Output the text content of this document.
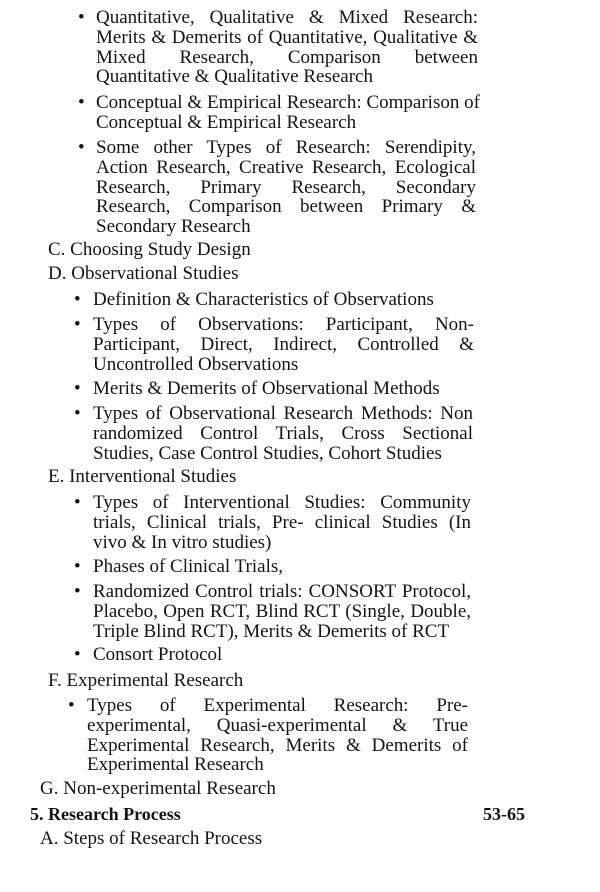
• Quantitative, Qualitative & Mixed Research: Merits & Demerits of Quantitative, Qualitative & Mixed Research, Comparison between Quantitative & Qualitative Research
• Conceptual & Empirical Research: Comparison of Conceptual & Empirical Research
• Some other Types of Research: Serendipity, Action Research, Creative Research, Ecological Research, Primary Research, Secondary Research, Comparison between Primary & Secondary Research
C. Choosing Study Design
D. Observational Studies
• Definition & Characteristics of Observations
• Types of Observations: Participant, Non-Participant, Direct, Indirect, Controlled & Uncontrolled Observations
• Merits & Demerits of Observational Methods
• Types of Observational Research Methods: Non randomized Control Trials, Cross Sectional Studies, Case Control Studies, Cohort Studies
E. Interventional Studies
• Types of Interventional Studies: Community trials, Clinical trials, Pre- clinical Studies (In vivo & In vitro studies)
• Phases of Clinical Trials,
• Randomized Control trials: CONSORT Protocol, Placebo, Open RCT, Blind RCT (Single, Double, Triple Blind RCT), Merits & Demerits of RCT
• Consort Protocol
F. Experimental Research
• Types of Experimental Research: Pre-experimental, Quasi-experimental & True Experimental Research, Merits & Demerits of Experimental Research
G. Non-experimental Research
5. Research Process	53-65
A. Steps of Research Process
